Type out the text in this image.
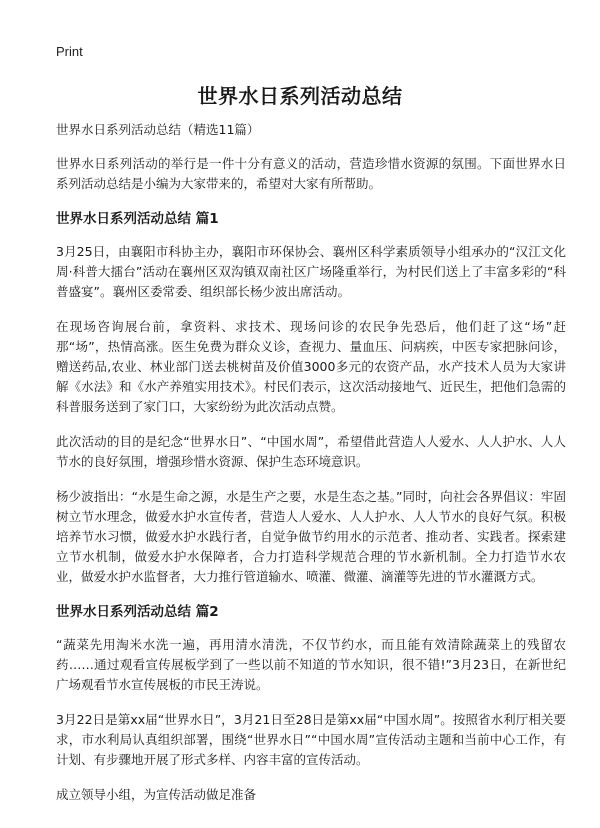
Print
世界水日系列活动总结

世界水日系列活动总结（精选11篇）

世界水日系列活动的举行是一件十分有意义的活动，营造珍惜水资源的氛围。下面世界水日系列活动总结是小编为大家带来的，希望对大家有所帮助。

世界水日系列活动总结 篇1

3月25日，由襄阳市科协主办，襄阳市环保协会、襄州区科学素质领导小组承办的“汉江文化周·科普大擂台”活动在襄州区双沟镇双南社区广场隆重举行，为村民们送上了丰富多彩的“科普盛宴”。襄州区委常委、组织部长杨少波出席活动。

在现场咨询展台前，拿资料、求技术、现场问诊的农民争先恐后，他们赶了这“场”赶那“场”，热情高涨。医生免费为群众义诊，查视力、量血压、问病疾，中医专家把脉问诊，赠送药品,农业、林业部门送去桃树苗及价值3000多元的农资产品，水产技术人员为大家讲解《水法》和《水产养殖实用技术》。村民们表示，这次活动接地气、近民生，把他们急需的科普服务送到了家门口，大家纷纷为此次活动点赞。

此次活动的目的是纪念“世界水日”、“中国水周”，希望借此营造人人爱水、人人护水、人人节水的良好氛围，增强珍惜水资源、保护生态环境意识。

杨少波指出：“水是生命之源，水是生产之要，水是生态之基。”同时，向社会各界倡议：牢固树立节水理念，做爱水护水宣传者，营造人人爱水、人人护水、人人节水的良好气氛。积极培养节水习惯，做爱水护水践行者，自觉争做节约用水的示范者、推动者、实践者。探索建立节水机制，做爱水护水保障者，合力打造科学规范合理的节水新机制。全力打造节水农业，做爱水护水监督者，大力推行管道输水、喷灌、微灌、滴灌等先进的节水灌溉方式。

世界水日系列活动总结 篇2

“蔬菜先用淘米水洗一遍，再用清水清洗，不仅节约水，而且能有效清除蔬菜上的残留农药……通过观看宣传展板学到了一些以前不知道的节水知识，很不错!”3月23日，在新世纪广场观看节水宣传展板的市民王涛说。

3月22日是第xx届“世界水日”，3月21日至28日是第xx届“中国水周”。按照省水利厅相关要求，市水利局认真组织部署，围绕“世界水日”“中国水周”宣传活动主题和当前中心工作，有计划、有步骤地开展了形式多样、内容丰富的宣传活动。

成立领导小组，为宣传活动做足准备
